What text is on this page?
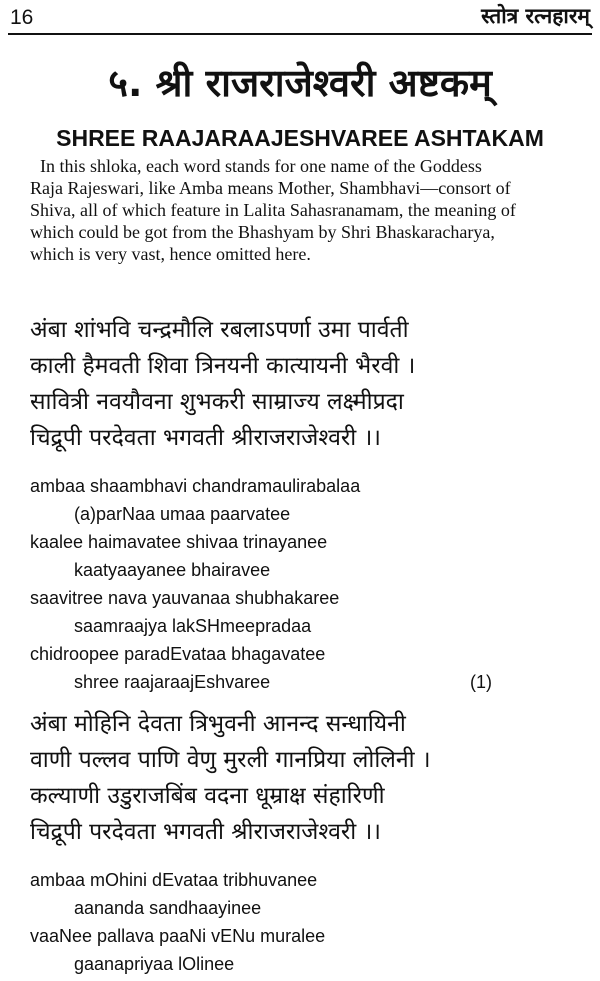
16	स्तोत्र रत्नहारम्
५. श्री राजराजेश्वरी अष्टकम्
SHREE RAAJARAAJESHVAREE ASHTAKAM

In this shloka, each word stands for one name of the Goddess
Raja Rajeswari, like Amba means Mother, Shambhavi—consort of
Shiva, all of which feature in Lalita Sahasranamam, the meaning of
which could be got from the Bhashyam by Shri Bhaskaracharya,
which is very vast, hence omitted here.

अंबा शांभवि चन्द्रमौलि रबलाऽपर्णा उमा पार्वती
काली हैमवती शिवा त्रिनयनी कात्यायनी भैरवी ।
सावित्री नवयौवना शुभकरी साम्राज्य लक्ष्मीप्रदा
चिद्रूपी परदेवता भगवती श्रीराजराजेश्वरी ।।
ambaa shaambhavi chandramaulirabalaa
(a)parNaa umaa paarvatee
kaalee haimavatee shivaa trinayanee
kaatyaayanee bhairavee
saavitree nava yauvanaa shubhakaree
saamraajya lakSHmeepradaa
chidroopee paradEvataa bhagavatee
shree raajaraajEshvaree	(1)
अंबा मोहिनि देवता त्रिभुवनी आनन्द सन्धायिनी
वाणी पल्लव पाणि वेणु मुरली गानप्रिया लोलिनी ।
कल्याणी उडुराजबिंब वदना धूम्राक्ष संहारिणी
चिद्रूपी परदेवता भगवती श्रीराजराजेश्वरी ।।
ambaa mOhini dEvataa tribhuvanee
aananda sandhaayinee
vaaNee pallava paaNi vENu muralee
gaanapriyaa lOlinee
